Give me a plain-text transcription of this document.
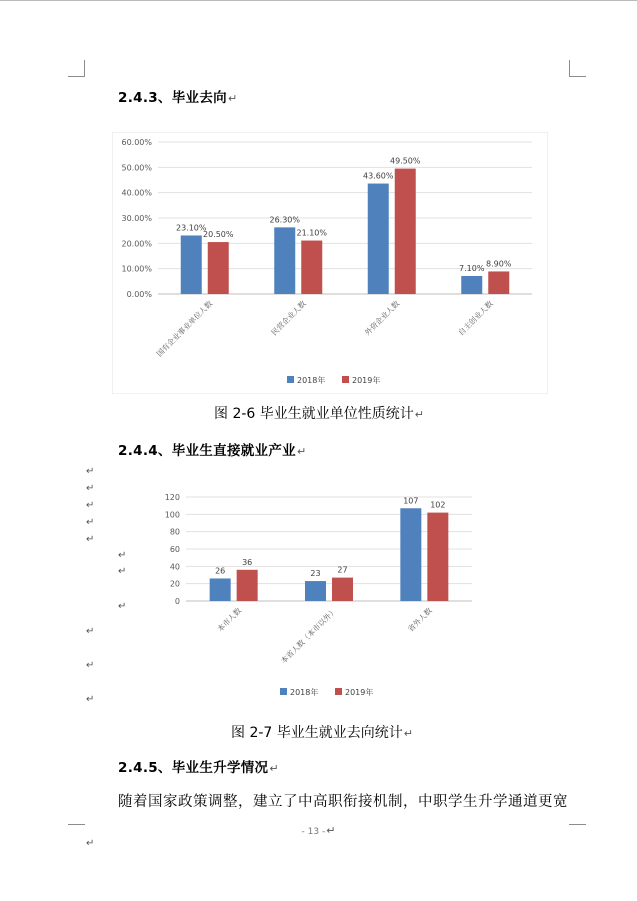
2.4.3、毕业去向↵
0.00%
10.00%
20.00%
30.00%
40.00%
50.00%
60.00%
23.10%
20.50%
国有企业事业单位人数
26.30%
21.10%
民营企业人数
43.60%
49.50%
外资企业人数
7.10%
8.90%
自主创业人数
2018年	2019年
图 2-6 毕业生就业单位性质统计↵
2.4.4、毕业生直接就业产业↵
↵
↵
↵
↵
↵
↵
↵
↵
↵
↵
↵
↵
0
20
40
60
80
100
120
26
36
本市人数
23 27
本省人数（本市以外）
107 102
省外人数
2018年	2019年
图 2-7 毕业生就业去向统计↵
2.4.5、毕业生升学情况↵
随着国家政策调整，建立了中高职衔接机制，中职学生升学通道更宽
- 13 -↵
